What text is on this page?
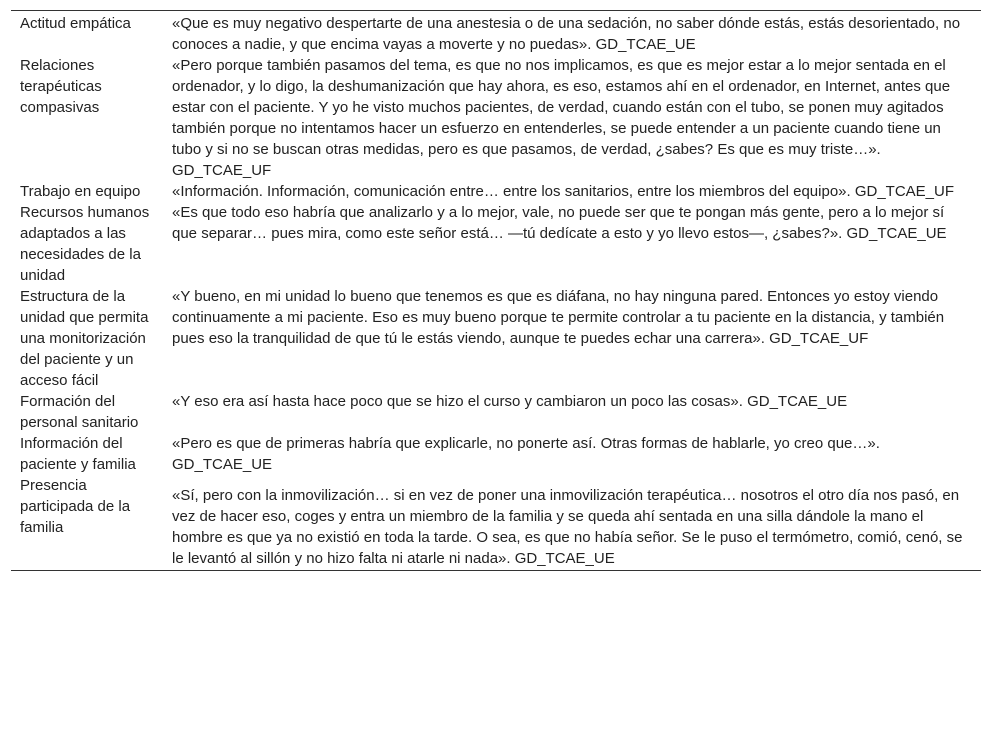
Actitud empática	«Que es muy negativo despertarte de una anestesia o de una sedación, no saber dónde estás, estás desorientado, no conoces a nadie, y que encima vayas a moverte y no puedas». GD_TCAE_UE
Relaciones terapéuticas compasivas	«Pero porque también pasamos del tema, es que no nos implicamos, es que es mejor estar a lo mejor sentada en el ordenador, y lo digo, la deshumanización que hay ahora, es eso, estamos ahí en el ordenador, en Internet, antes que estar con el paciente. Y yo he visto muchos pacientes, de verdad, cuando están con el tubo, se ponen muy agitados también porque no intentamos hacer un esfuerzo en entenderles, se puede entender a un paciente cuando tiene un tubo y si no se buscan otras medidas, pero es que pasamos, de verdad, ¿sabes? Es que es muy triste…». GD_TCAE_UF
Trabajo en equipo	«Información. Información, comunicación entre… entre los sanitarios, entre los miembros del equipo». GD_TCAE_UF
Recursos humanos adaptados a las necesidades de la unidad	«Es que todo eso habría que analizarlo y a lo mejor, vale, no puede ser que te pongan más gente, pero a lo mejor sí que separar… pues mira, como este señor está… —tú dedícate a esto y yo llevo estos—, ¿sabes?». GD_TCAE_UE
Estructura de la unidad que permita una monitorización del paciente y un acceso fácil	«Y bueno, en mi unidad lo bueno que tenemos es que es diáfana, no hay ninguna pared. Entonces yo estoy viendo continuamente a mi paciente. Eso es muy bueno porque te permite controlar a tu paciente en la distancia, y también pues eso la tranquilidad de que tú le estás viendo, aunque te puedes echar una carrera». GD_TCAE_UF
Formación del personal sanitario	«Y eso era así hasta hace poco que se hizo el curso y cambiaron un poco las cosas». GD_TCAE_UE
Información del paciente y familia	«Pero es que de primeras habría que explicarle, no ponerte así. Otras formas de hablarle, yo creo que…». GD_TCAE_UE
Presencia participada de la familia	«Sí, pero con la inmovilización… si en vez de poner una inmovilización terapéutica… nosotros el otro día nos pasó, en vez de hacer eso, coges y entra un miembro de la familia y se queda ahí sentada en una silla dándole la mano el hombre es que ya no existió en toda la tarde. O sea, es que no había señor. Se le puso el termómetro, comió, cenó, se le levantó al sillón y no hizo falta ni atarle ni nada». GD_TCAE_UE
